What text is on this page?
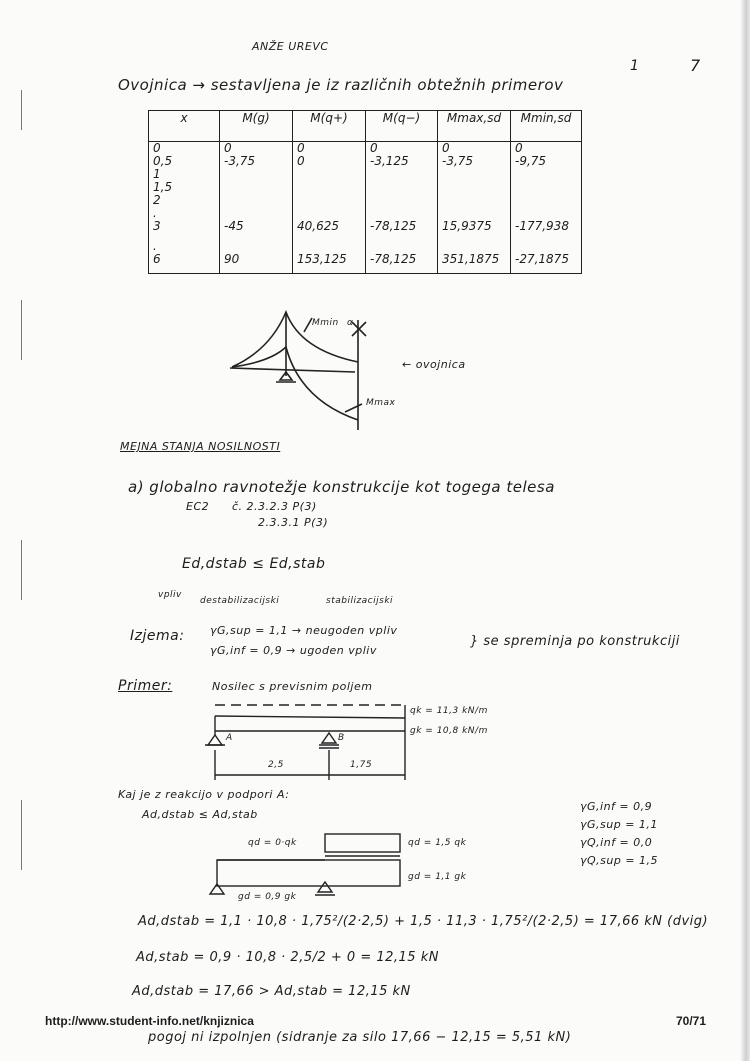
ANŽE UREVC
1	7
Ovojnica → sestavljena je iz različnih obtežnih primerov
x	M(g)	M(q+)	M(q−)	Mmax,sd	Mmin,sd
0	0	0	0	0	0
0,5	-3,75	0	-3,125	-3,75	-9,75
1					
1,5					
2					
.					
3	-45	40,625	-78,125	15,9375	-177,938
.					
6	90	153,125	-78,125	351,1875	-27,1875
Mmin α
Mmax
← ovojnica
MEJNA STANJA NOSILNOSTI
a) globalno ravnotežje konstrukcije kot togega telesa
EC2 č. 2.3.2.3 P(3)
2.3.3.1 P(3)
Ed,dstab ≤ Ed,stab
vpliv
destabilizacijski	stabilizacijski
Izjema: γG,sup = 1,1 → neugoden vpliv
γG,inf = 0,9 → ugoden vpliv
} se spreminja po konstrukciji
Primer:	Nosilec s previsnim poljem
A	B
2,5	1,75
qk = 11,3 kN/m
gk = 10,8 kN/m
Kaj je z reakcijo v podpori A:
Ad,dstab ≤ Ad,stab
qd = 0·qk	qd = 1,5 qk
gd = 1,1 gk
gd = 0,9 gk
γG,inf = 0,9
γG,sup = 1,1
γQ,inf = 0,0
γQ,sup = 1,5
Ad,dstab = 1,1 · 10,8 · 1,75²/(2·2,5) + 1,5 · 11,3 · 1,75²/(2·2,5) = 17,66 kN (dvig)
Ad,stab = 0,9 · 10,8 · 2,5/2 + 0 = 12,15 kN
Ad,dstab = 17,66 > Ad,stab = 12,15 kN
pogoj ni izpolnjen (sidranje za silo 17,66 − 12,15 = 5,51 kN)
http://www.student-info.net/knjiznica	70/71
